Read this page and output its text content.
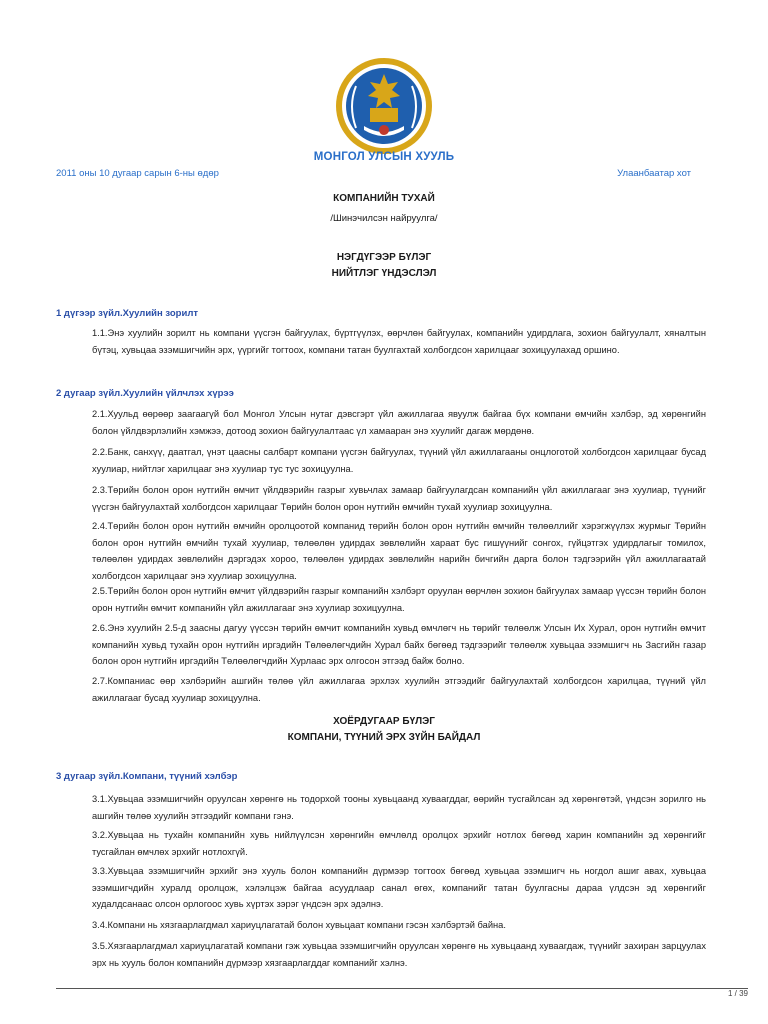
МОНГОЛ УЛСЫН ХУУЛЬ
2011 оны 10 дугаар сарын 6-ны өдөр	Улаанбаатар хот
КОМПАНИЙН ТУХАЙ
/Шинэчилсэн найруулга/
НЭГДҮГЭЭР БҮЛЭГ
НИЙТЛЭГ ҮНДЭСЛЭЛ
1 дүгээр зүйл.Хуулийн зорилт
1.1.Энэ хуулийн зорилт нь компани үүсгэн байгуулах, бүртгүүлэх, өөрчлөн байгуулах, компанийн удирдлага, зохион байгуулалт, хяналтын бүтэц, хувьцаа эзэмшигчийн эрх, үүргийг тогтоох, компани татан буулгахтай холбогдсон харилцааг зохицуулахад оршино.
2 дугаар зүйл.Хуулийн үйлчлэх хүрээ
2.1.Хуульд өөрөөр заагаагүй бол Монгол Улсын нутаг дэвсгэрт үйл ажиллагаа явуулж байгаа бүх компани өмчийн хэлбэр, эд хөрөнгийн болон үйлдвэрлэлийн хэмжээ, дотоод зохион байгуулалтаас үл хамааран энэ хуулийг дагаж мөрдөнө.
2.2.Банк, санхүү, даатгал, үнэт цаасны салбарт компани үүсгэн байгуулах, түүний үйл ажиллагааны онцлоготой холбогдсон харилцааг бусад хуулиар, нийтлэг харилцааг энэ хуулиар тус тус зохицуулна.
2.3.Төрийн болон орон нутгийн өмчит үйлдвэрийн газрыг хувьчлах замаар байгуулагдсан компанийн үйл ажиллагааг энэ хуулиар, түүнийг үүсгэн байгуулахтай холбогдсон харилцааг Төрийн болон орон нутгийн өмчийн тухай хуулиар зохицуулна.
2.4.Төрийн болон орон нутгийн өмчийн оролцоотой компанид төрийн болон орон нутгийн өмчийн төлөөллийг хэрэгжүүлэх журмыг Төрийн болон орон нутгийн өмчийн тухай хуулиар, төлөөлөн удирдах зөвлөлийн хараат бус гишүүнийг сонгох, гүйцэтгэх удирдлагыг томилох, төлөөлөн удирдах зөвлөлийн дэргэдэх хороо, төлөөлөн удирдах зөвлөлийн нарийн бичгийн дарга болон тэдгээрийн үйл ажиллагаатай холбогдсон харилцааг энэ хуулиар зохицуулна.
2.5.Төрийн болон орон нутгийн өмчит үйлдвэрийн газрыг компанийн хэлбэрт оруулан өөрчлөн зохион байгуулах замаар үүссэн төрийн болон орон нутгийн өмчит компанийн үйл ажиллагааг энэ хуулиар зохицуулна.
2.6.Энэ хуулийн 2.5-д заасны дагуу үүссэн төрийн өмчит компанийн хувьд өмчлөгч нь төрийг төлөөлж Улсын Их Хурал, орон нутгийн өмчит компанийн хувьд тухайн орон нутгийн иргэдийн Төлөөлөгчдийн Хурал байх бөгөөд тэдгээрийг төлөөлж хувьцаа эзэмшигч нь Засгийн газар болон орон нутгийн иргэдийн Төлөөлөгчдийн Хурлаас эрх олгосон этгээд байж болно.
2.7.Компаниас өөр хэлбэрийн ашгийн төлөө үйл ажиллагаа эрхлэх хуулийн этгээдийг байгуулахтай холбогдсон харилцаа, түүний үйл ажиллагааг бусад хуулиар зохицуулна.
ХОЁРДУГААР БҮЛЭГ
КОМПАНИ, ТҮҮНИЙ ЭРХ ЗҮЙН БАЙДАЛ
3 дугаар зүйл.Компани, түүний хэлбэр
3.1.Хувьцаа эзэмшигчийн оруулсан хөрөнгө нь тодорхой тооны хувьцаанд хуваагддаг, өөрийн тусгайлсан эд хөрөнгөтэй, үндсэн зорилго нь ашгийн төлөө хуулийн этгээдийг компани гэнэ.
3.2.Хувьцаа нь тухайн компанийн хувь нийлүүлсэн хөрөнгийн өмчлөлд оролцох эрхийг нотлох бөгөөд харин компанийн эд хөрөнгийг тусгайлан өмчлөх эрхийг нотлохгүй.
3.3.Хувьцаа эзэмшигчийн эрхийг энэ хууль болон компанийн дүрмээр тогтоох бөгөөд хувьцаа эзэмшигч нь ногдол ашиг авах, хувьцаа эзэмшигчдийн хуралд оролцож, хэлэлцэж байгаа асуудлаар санал өгөх, компанийг татан буулгасны дараа үлдсэн эд хөрөнгийг худалдсанаас олсон орлогоос хувь хүртэх зэрэг үндсэн эрх эдэлнэ.
3.4.Компани нь хязгаарлагдмал хариуцлагатай болон хувьцаат компани гэсэн хэлбэртэй байна.
3.5.Хязгаарлагдмал хариуцлагатай компани гэж хувьцаа эзэмшигчийн оруулсан хөрөнгө нь хувьцаанд хуваагдаж, түүнийг захиран зарцуулах эрх нь хууль болон компанийн дүрмээр хязгаарлагддаг компанийг хэлнэ.
1 / 39
